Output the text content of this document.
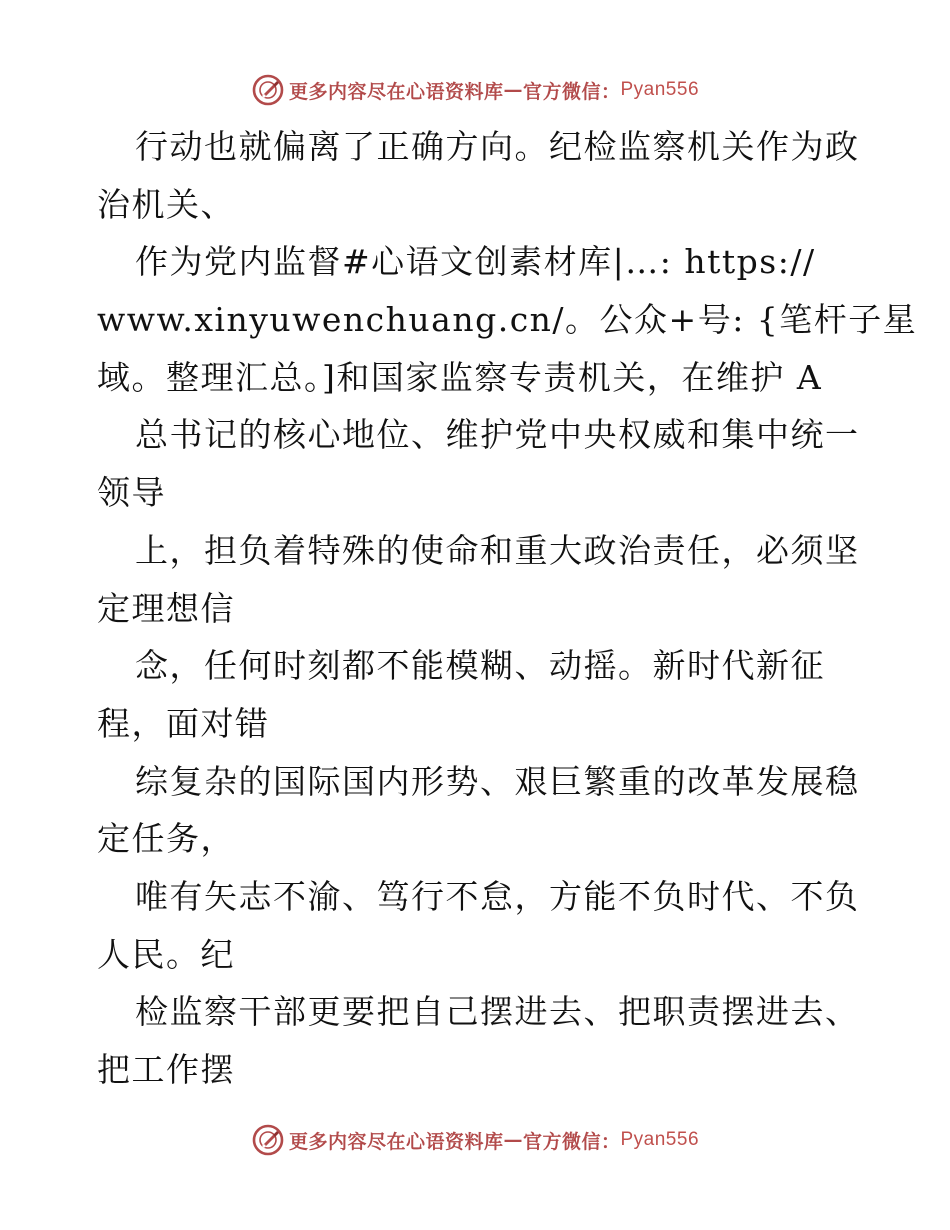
更多内容尽在心语资料库 — 官方微信： Pyan556
行动也就偏离了正确方向。纪检监察机关作为政
治机关、
作为党内监督#心语文创素材库|…: https://
www.xinyuwenchuang.cn/。公众+号: {笔杆子星
域。整理汇总。]和国家监察专责机关，在维护 A
总书记的核心地位、维护党中央权威和集中统一
领导
上，担负着特殊的使命和重大政治责任，必须坚
定理想信
念，任何时刻都不能模糊、动摇。新时代新征
程，面对错
综复杂的国际国内形势、艰巨繁重的改革发展稳
定任务，
唯有矢志不渝、笃行不怠，方能不负时代、不负
人民。纪
检监察干部更要把自己摆进去、把职责摆进去、
把工作摆
更多内容尽在心语资料库 — 官方微信： Pyan556
